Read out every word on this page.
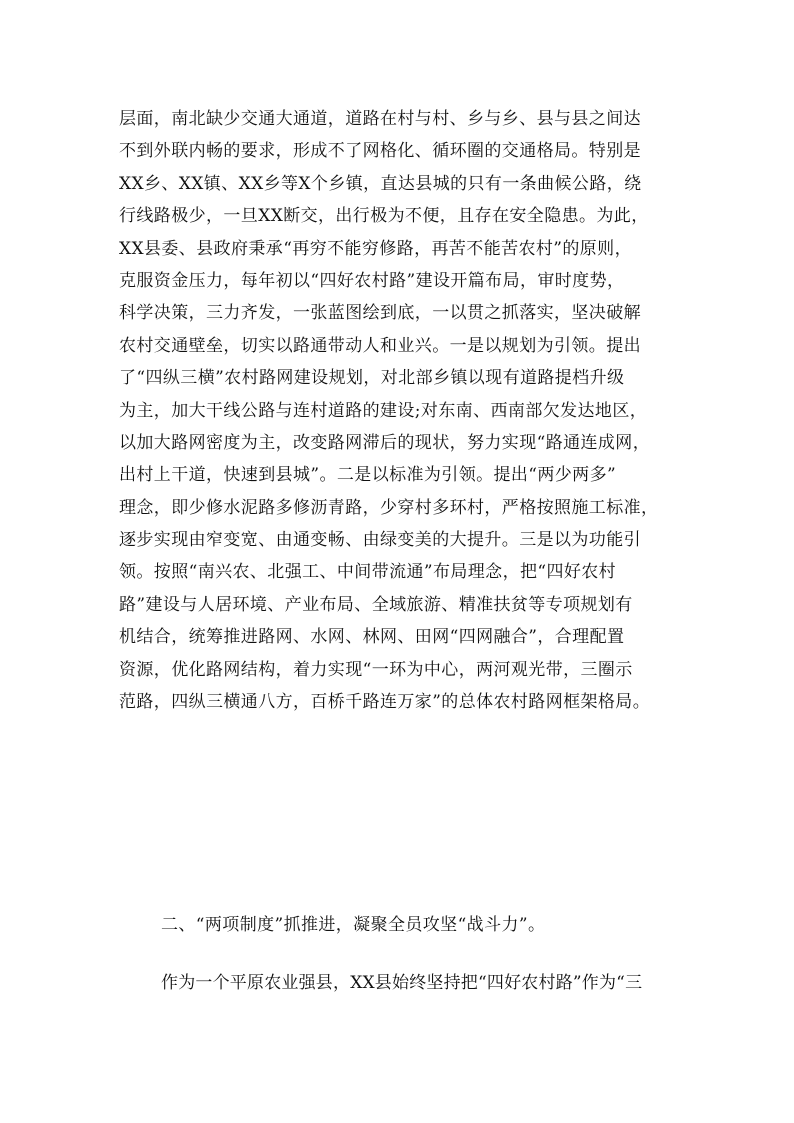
层面，南北缺少交通大通道，道路在村与村、乡与乡、县与县之间达
不到外联内畅的要求，形成不了网格化、循环圈的交通格局。特别是
XX乡、XX镇、XX乡等X个乡镇，直达县城的只有一条曲候公路，绕
行线路极少，一旦XX断交，出行极为不便，且存在安全隐患。为此，
XX县委、县政府秉承“再穷不能穷修路，再苦不能苦农村”的原则，
克服资金压力，每年初以“四好农村路”建设开篇布局，审时度势，
科学决策，三力齐发，一张蓝图绘到底，一以贯之抓落实，坚决破解
农村交通壁垒，切实以路通带动人和业兴。一是以规划为引领。提出
了“四纵三横”农村路网建设规划，对北部乡镇以现有道路提档升级
为主，加大干线公路与连村道路的建设;对东南、西南部欠发达地区，
以加大路网密度为主，改变路网滞后的现状，努力实现“路通连成网，
出村上干道，快速到县城”。二是以标准为引领。提出“两少两多”
理念，即少修水泥路多修沥青路，少穿村多环村，严格按照施工标准，
逐步实现由窄变宽、由通变畅、由绿变美的大提升。三是以为功能引
领。按照“南兴农、北强工、中间带流通”布局理念，把“四好农村
路”建设与人居环境、产业布局、全域旅游、精准扶贫等专项规划有
机结合，统筹推进路网、水网、林网、田网“四网融合”，合理配置
资源，优化路网结构，着力实现“一环为中心，两河观光带，三圈示
范路，四纵三横通八方，百桥千路连万家”的总体农村路网框架格局。
二、“两项制度”抓推进，凝聚全员攻坚“战斗力”。
作为一个平原农业强县，XX县始终坚持把“四好农村路”作为“三
